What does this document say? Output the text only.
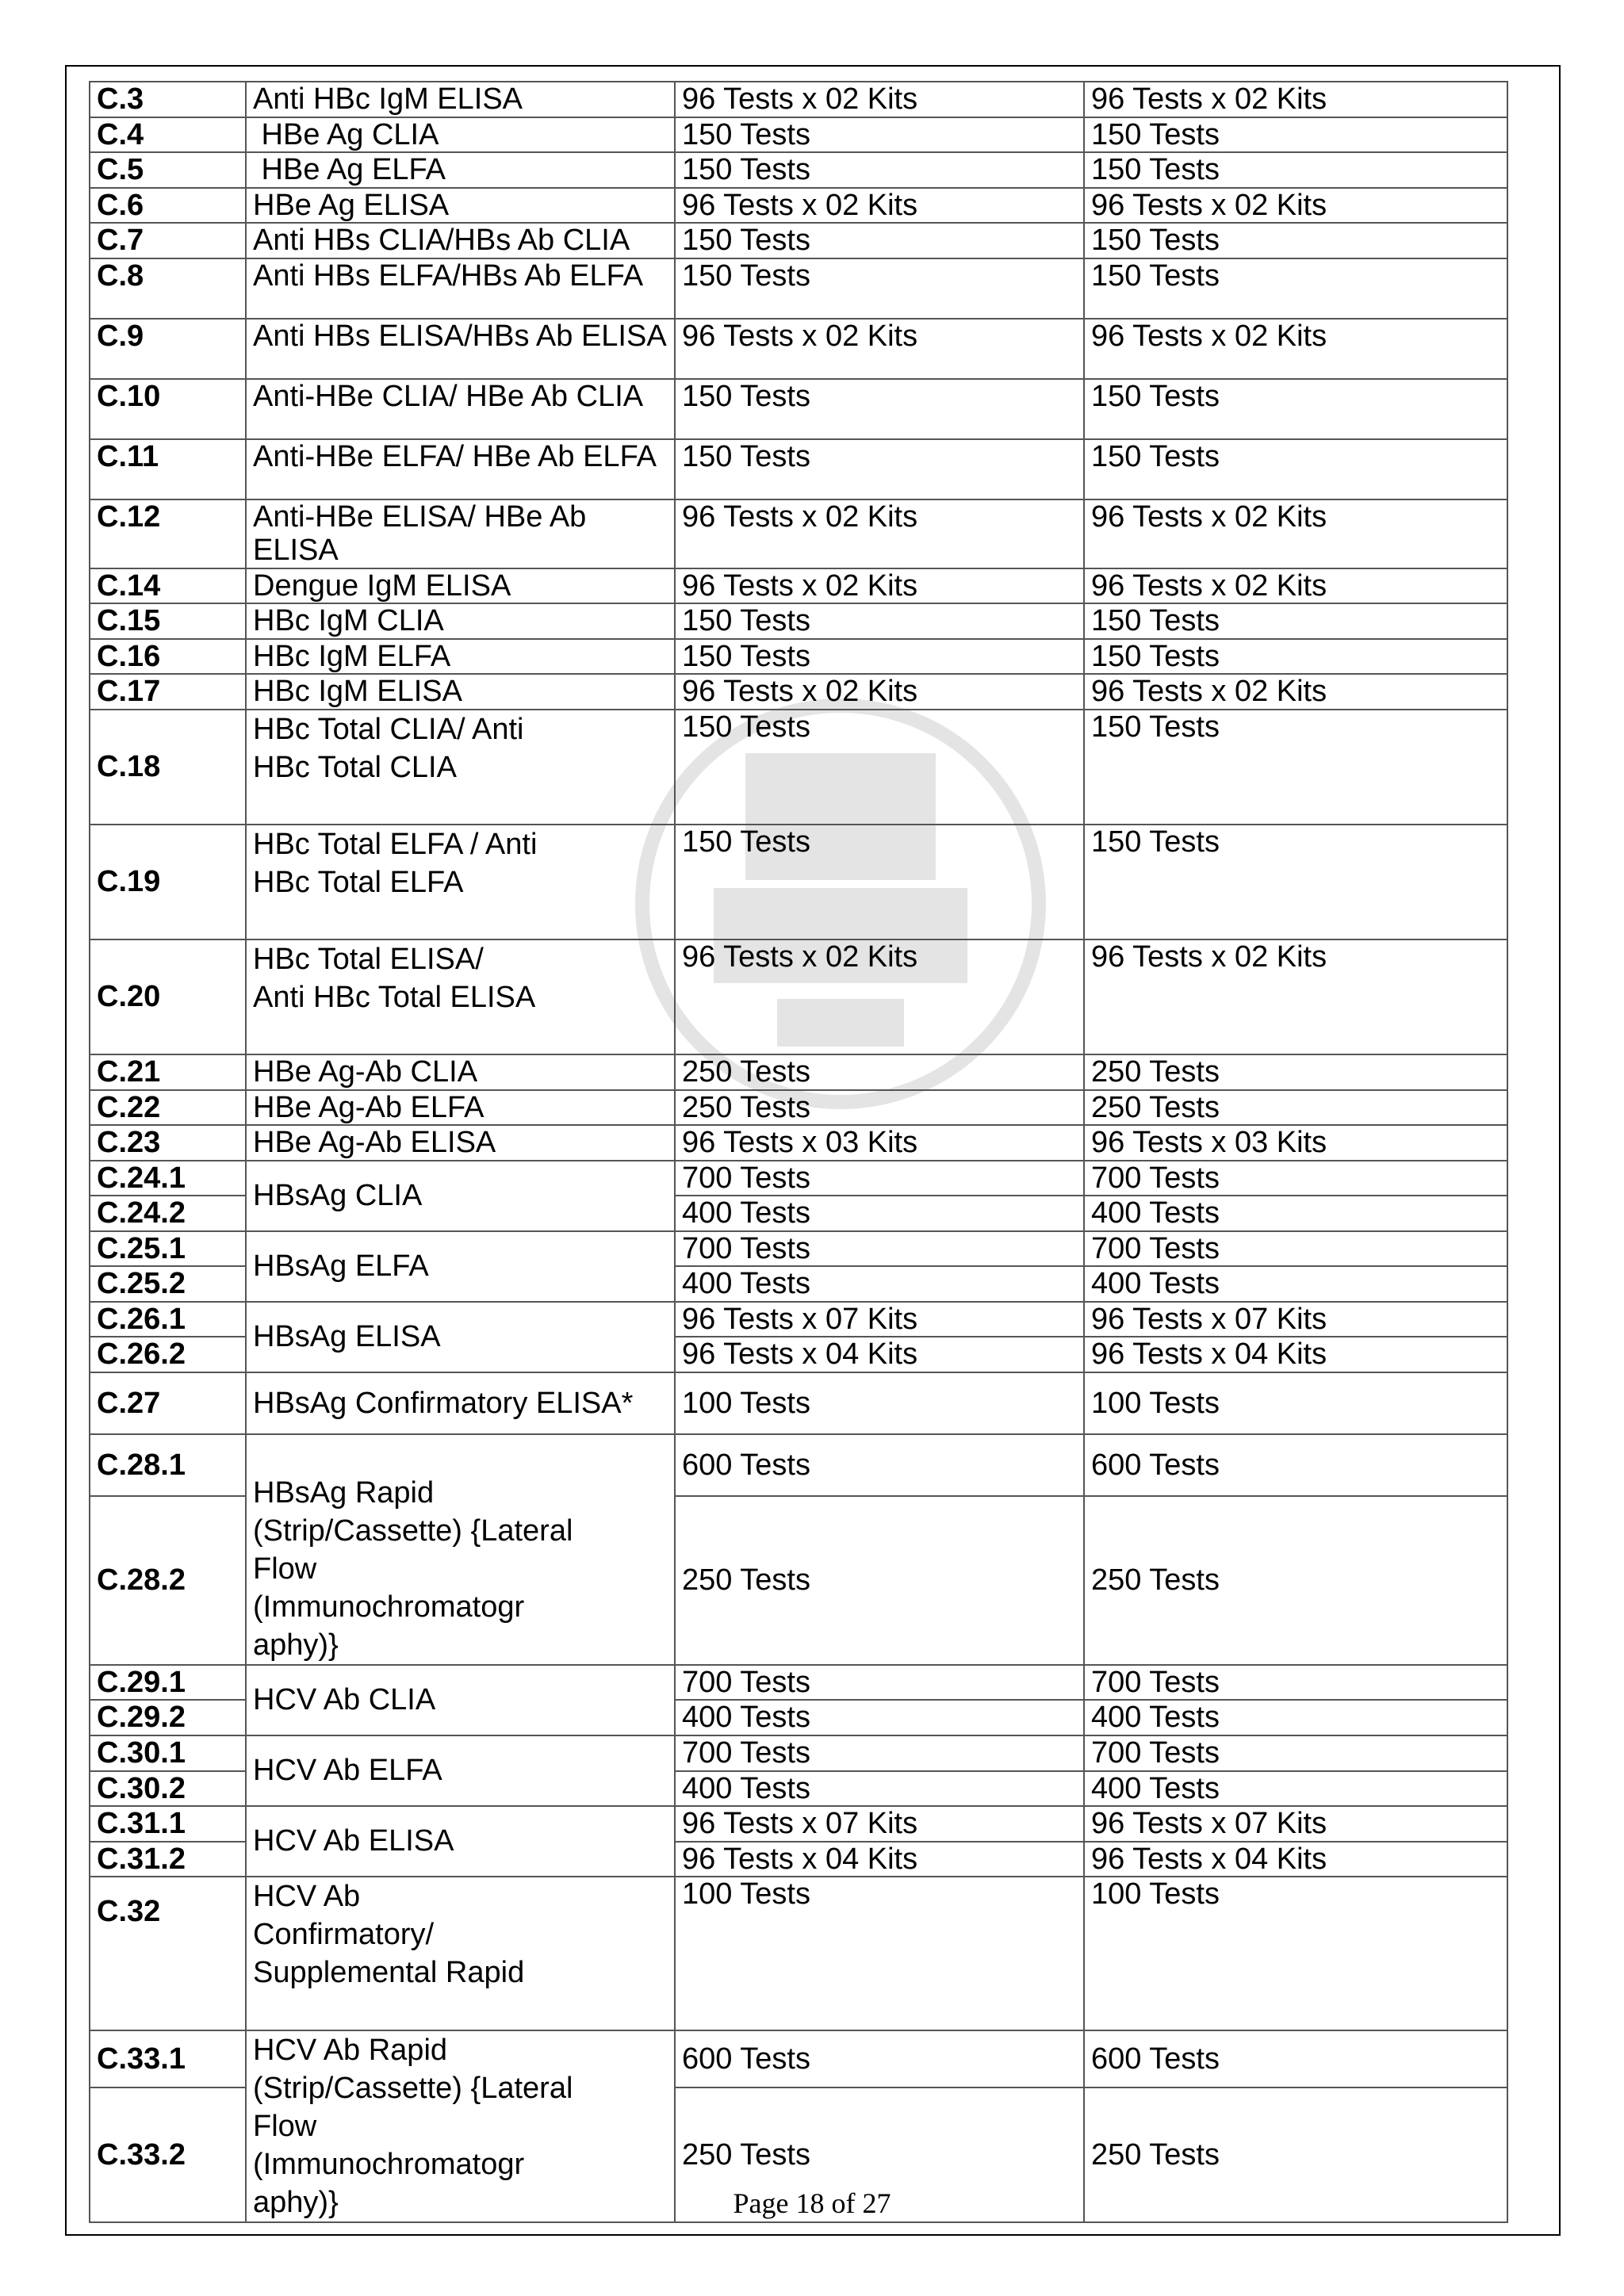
C.3	Anti HBc IgM ELISA	96 Tests x 02 Kits	96 Tests x 02 Kits
C.4	HBe Ag CLIA	150 Tests	150 Tests
C.5	HBe Ag ELFA	150 Tests	150 Tests
C.6	HBe Ag ELISA	96 Tests x 02 Kits	96 Tests x 02 Kits
C.7	Anti HBs CLIA/HBs Ab CLIA	150 Tests	150 Tests
C.8	Anti HBs ELFA/HBs Ab ELFA	150 Tests	150 Tests
C.9	Anti HBs ELISA/HBs Ab ELISA	96 Tests x 02 Kits	96 Tests x 02 Kits
C.10	Anti-HBe CLIA/ HBe Ab CLIA	150 Tests	150 Tests
C.11	Anti-HBe ELFA/ HBe Ab ELFA	150 Tests	150 Tests
C.12	Anti-HBe ELISA/ HBe Ab ELISA	96 Tests x 02 Kits	96 Tests x 02 Kits
C.14	Dengue IgM ELISA	96 Tests x 02 Kits	96 Tests x 02 Kits
C.15	HBc IgM CLIA	150 Tests	150 Tests
C.16	HBc IgM ELFA	150 Tests	150 Tests
C.17	HBc IgM ELISA	96 Tests x 02 Kits	96 Tests x 02 Kits
C.18	HBc Total CLIA/ Anti HBc Total CLIA	150 Tests	150 Tests
C.19	HBc Total ELFA / Anti HBc Total ELFA	150 Tests	150 Tests
C.20	HBc Total ELISA/ Anti HBc Total ELISA	96 Tests x 02 Kits	96 Tests x 02 Kits
C.21	HBe Ag-Ab CLIA	250 Tests	250 Tests
C.22	HBe Ag-Ab ELFA	250 Tests	250 Tests
C.23	HBe Ag-Ab ELISA	96 Tests x 03 Kits	96 Tests x 03 Kits
C.24.1	HBsAg CLIA	700 Tests	700 Tests
C.24.2		400 Tests	400 Tests
C.25.1	HBsAg ELFA	700 Tests	700 Tests
C.25.2		400 Tests	400 Tests
C.26.1	HBsAg ELISA	96 Tests x 07 Kits	96 Tests x 07 Kits
C.26.2		96 Tests x 04 Kits	96 Tests x 04 Kits
C.27	HBsAg Confirmatory ELISA*	100 Tests	100 Tests
C.28.1	HBsAg Rapid (Strip/Cassette) {Lateral Flow (Immunochromatogr aphy)}	600 Tests	600 Tests
C.28.2		250 Tests	250 Tests
C.29.1	HCV Ab CLIA	700 Tests	700 Tests
C.29.2		400 Tests	400 Tests
C.30.1	HCV Ab ELFA	700 Tests	700 Tests
C.30.2		400 Tests	400 Tests
C.31.1	HCV Ab ELISA	96 Tests x 07 Kits	96 Tests x 07 Kits
C.31.2		96 Tests x 04 Kits	96 Tests x 04 Kits
C.32	HCV Ab Confirmatory/ Supplemental Rapid	100 Tests	100 Tests
C.33.1	HCV Ab Rapid (Strip/Cassette) {Lateral Flow (Immunochromatogr aphy)}	600 Tests	600 Tests
C.33.2		250 Tests	250 Tests
Page 18 of 27
